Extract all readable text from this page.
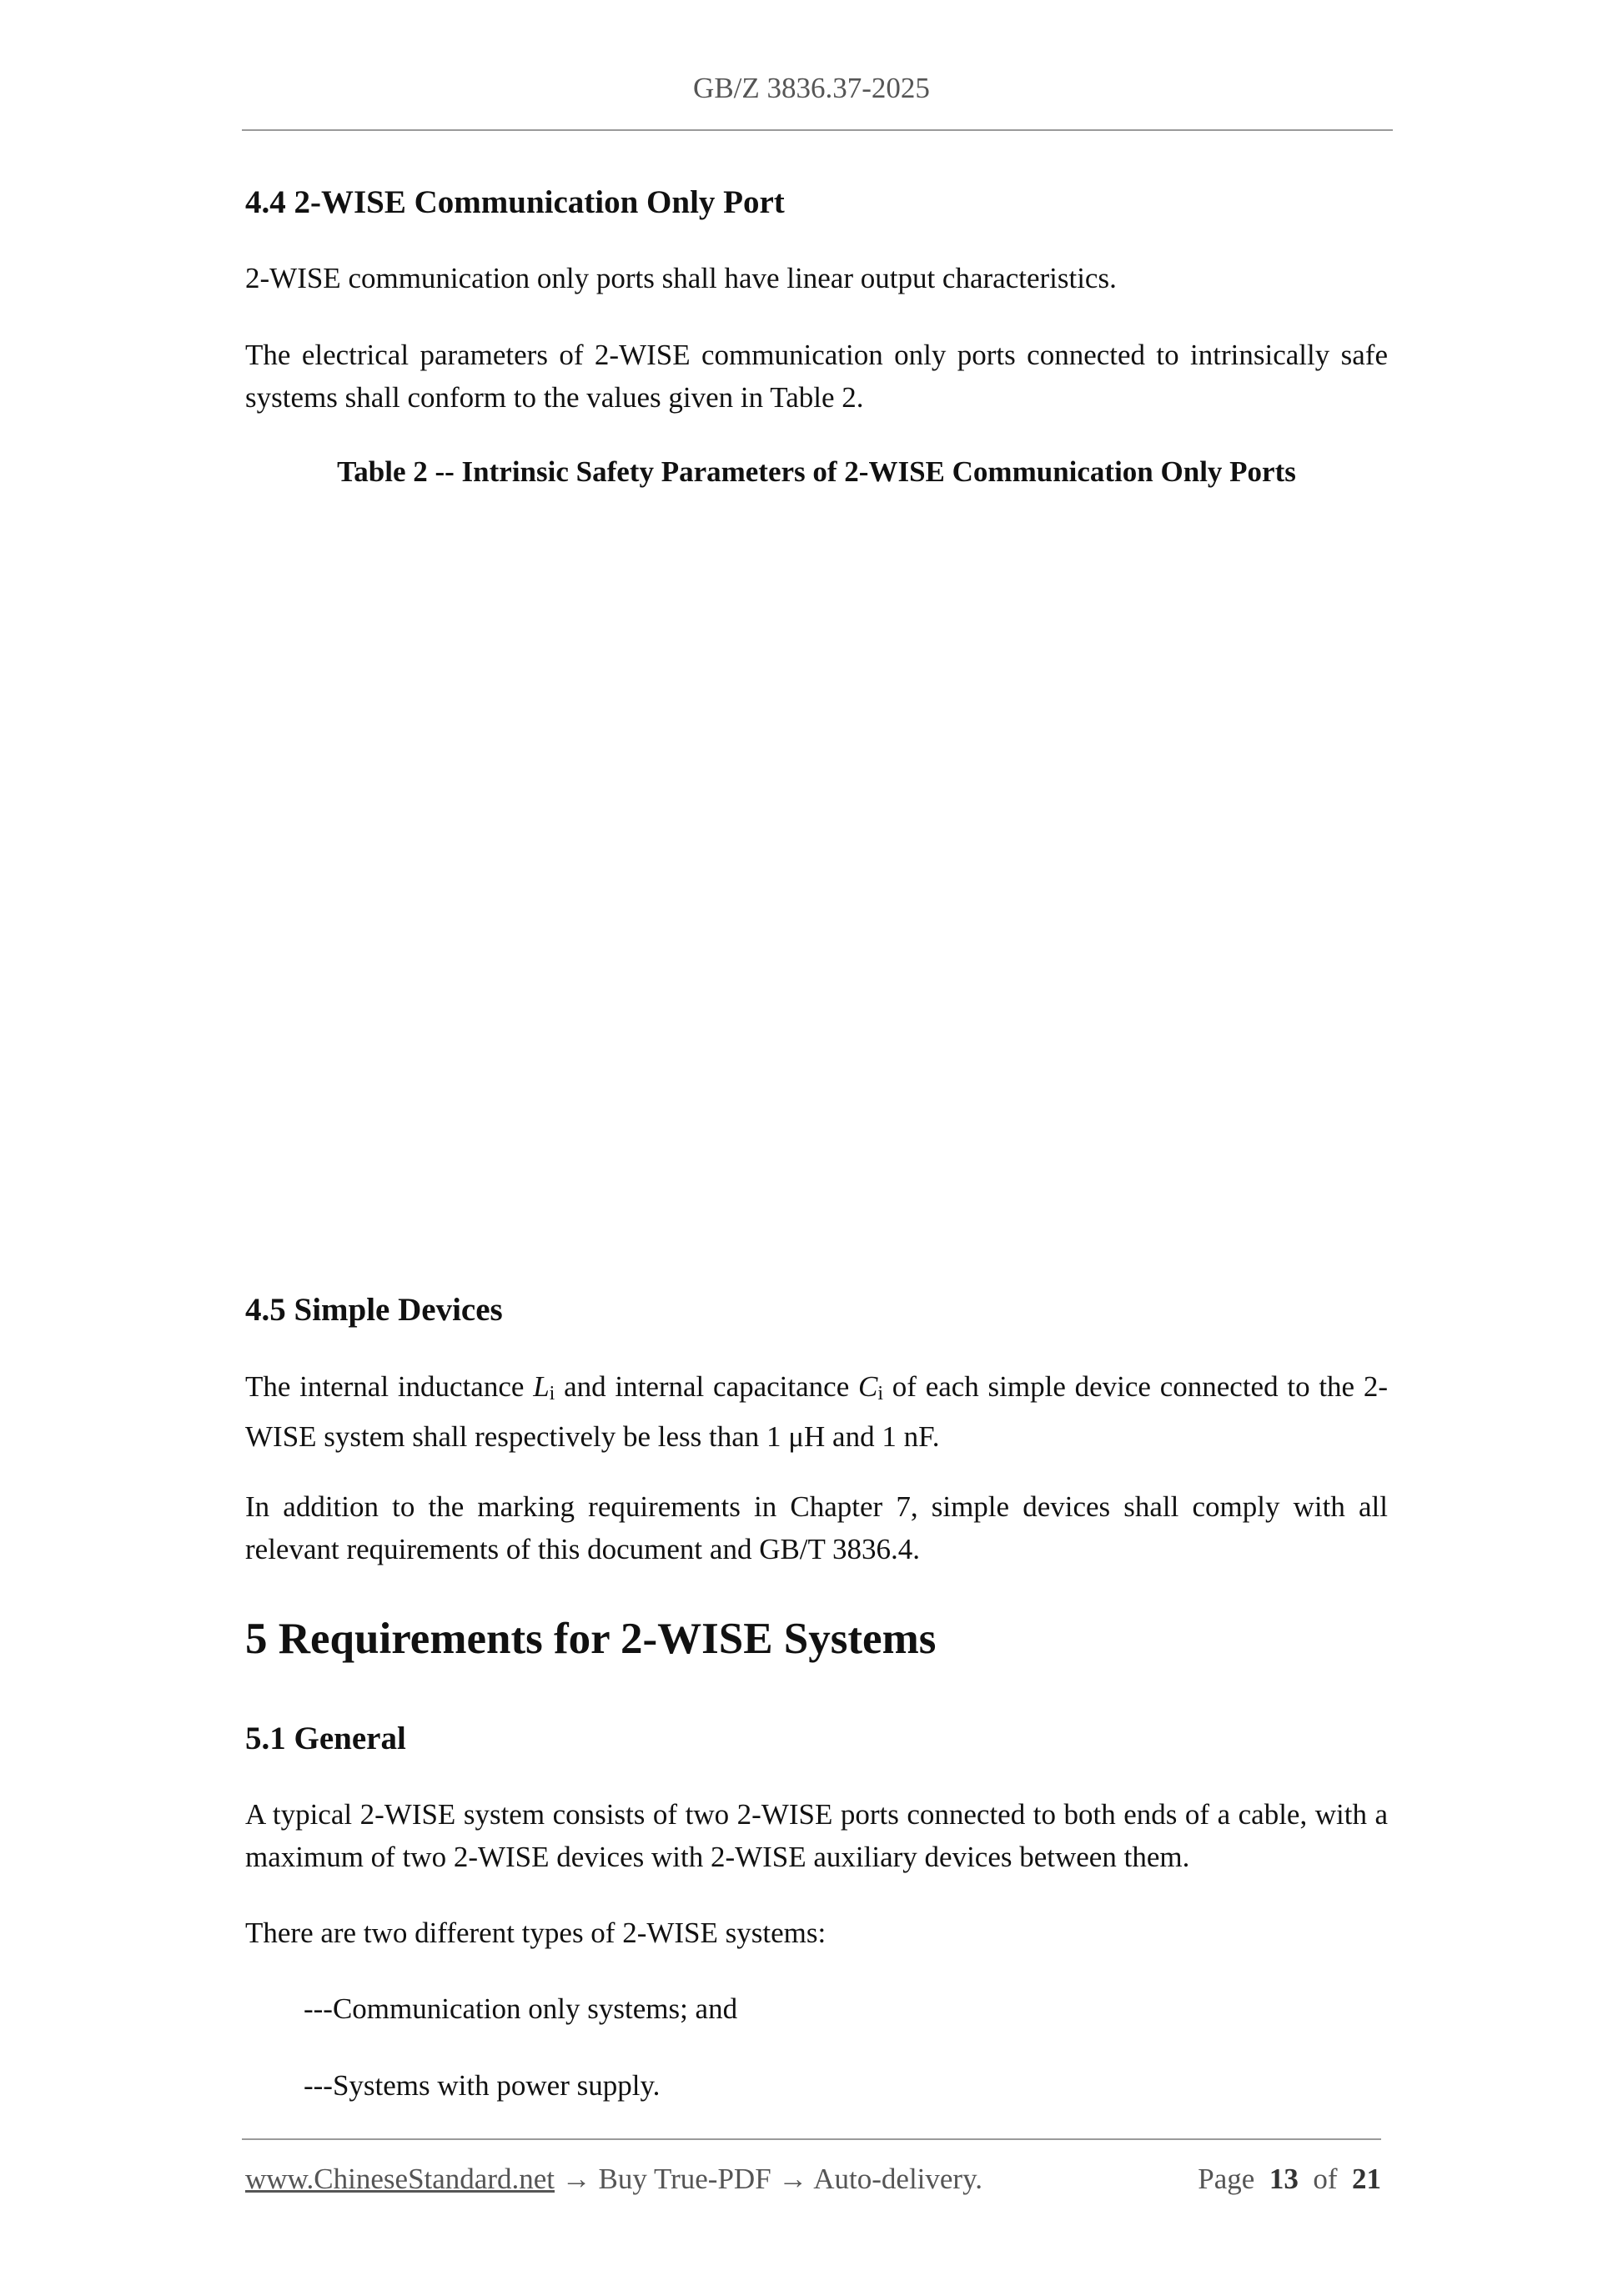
GB/Z 3836.37-2025
4.4 2-WISE Communication Only Port

2-WISE communication only ports shall have linear output characteristics.

The electrical parameters of 2-WISE communication only ports connected to intrinsically safe systems shall conform to the values given in Table 2.

Table 2 -- Intrinsic Safety Parameters of 2-WISE Communication Only Ports

4.5 Simple Devices

The internal inductance $L_i$ and internal capacitance $C_i$ of each simple device connected to the 2-WISE system shall respectively be less than 1 μH and 1 nF.

In addition to the marking requirements in Chapter 7, simple devices shall comply with all relevant requirements of this document and GB/T 3836.4.

5 Requirements for 2-WISE Systems
5.1 General

A typical 2-WISE system consists of two 2-WISE ports connected to both ends of a cable, with a maximum of two 2-WISE devices with 2-WISE auxiliary devices between them.

There are two different types of 2-WISE systems:

---Communication only systems; and

---Systems with power supply.

www.ChineseStandard.net → Buy True-PDF → Auto-delivery.	Page 13 of 21
